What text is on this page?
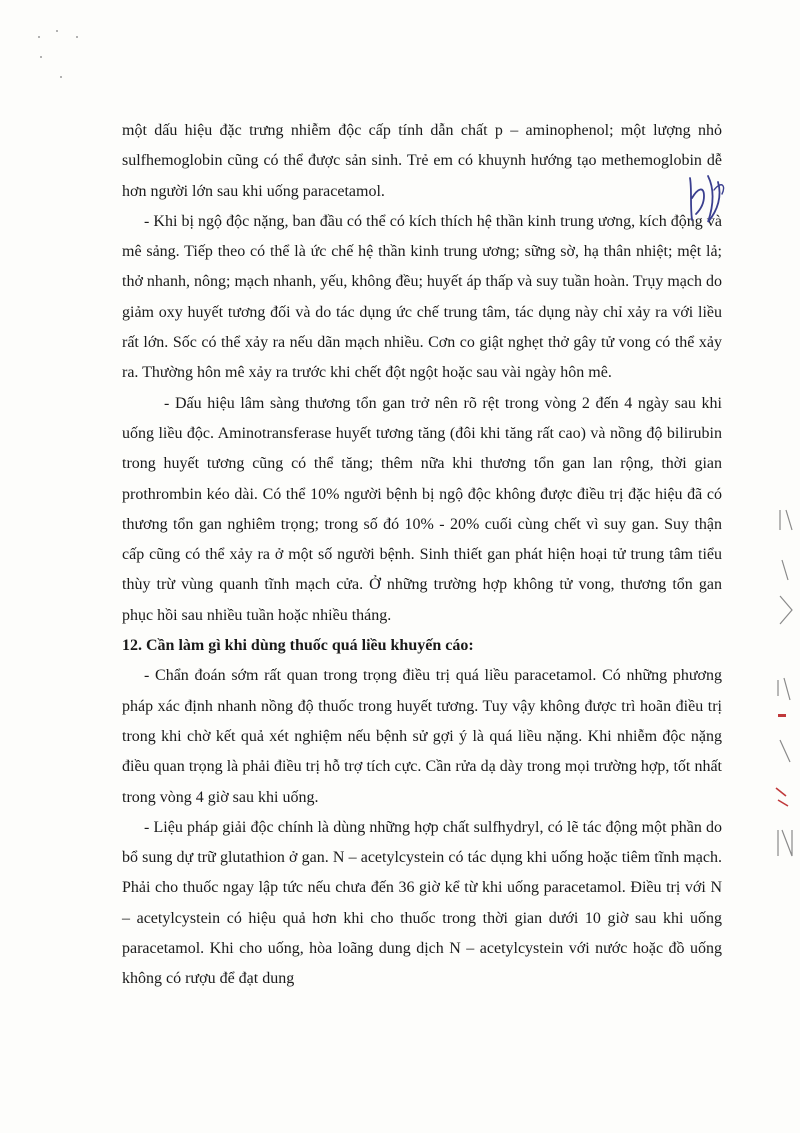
một dấu hiệu đặc trưng nhiễm độc cấp tính dẫn chất p – aminophenol; một lượng nhỏ sulfhemoglobin cũng có thể được sản sinh. Trẻ em có khuynh hướng tạo methemoglobin dễ hơn người lớn sau khi uống paracetamol.

- Khi bị ngộ độc nặng, ban đầu có thể có kích thích hệ thần kinh trung ương, kích động và mê sảng. Tiếp theo có thể là ức chế hệ thần kinh trung ương; sững sờ, hạ thân nhiệt; mệt lả; thở nhanh, nông; mạch nhanh, yếu, không đều; huyết áp thấp và suy tuần hoàn. Trụy mạch do giảm oxy huyết tương đối và do tác dụng ức chế trung tâm, tác dụng này chỉ xảy ra với liều rất lớn. Sốc có thể xảy ra nếu dãn mạch nhiều. Cơn co giật nghẹt thở gây tử vong có thể xảy ra. Thường hôn mê xảy ra trước khi chết đột ngột hoặc sau vài ngày hôn mê.

- Dấu hiệu lâm sàng thương tổn gan trở nên rõ rệt trong vòng 2 đến 4 ngày sau khi uống liều độc. Aminotransferase huyết tương tăng (đôi khi tăng rất cao) và nồng độ bilirubin trong huyết tương cũng có thể tăng; thêm nữa khi thương tổn gan lan rộng, thời gian prothrombin kéo dài. Có thể 10% người bệnh bị ngộ độc không được điều trị đặc hiệu đã có thương tổn gan nghiêm trọng; trong số đó 10% - 20% cuối cùng chết vì suy gan. Suy thận cấp cũng có thể xảy ra ở một số người bệnh. Sinh thiết gan phát hiện hoại tử trung tâm tiểu thùy trừ vùng quanh tĩnh mạch cửa. Ở những trường hợp không tử vong, thương tổn gan phục hồi sau nhiều tuần hoặc nhiều tháng.

12. Cần làm gì khi dùng thuốc quá liều khuyến cáo:

- Chẩn đoán sớm rất quan trong trọng điều trị quá liều paracetamol. Có những phương pháp xác định nhanh nồng độ thuốc trong huyết tương. Tuy vậy không được trì hoãn điều trị trong khi chờ kết quả xét nghiệm nếu bệnh sử gợi ý là quá liều nặng. Khi nhiễm độc nặng điều quan trọng là phải điều trị hỗ trợ tích cực. Cần rửa dạ dày trong mọi trường hợp, tốt nhất trong vòng 4 giờ sau khi uống.

- Liệu pháp giải độc chính là dùng những hợp chất sulfhydryl, có lẽ tác động một phần do bổ sung dự trữ glutathion ở gan. N – acetylcystein có tác dụng khi uống hoặc tiêm tĩnh mạch. Phải cho thuốc ngay lập tức nếu chưa đến 36 giờ kể từ khi uống paracetamol. Điều trị với N – acetylcystein có hiệu quả hơn khi cho thuốc trong thời gian dưới 10 giờ sau khi uống paracetamol. Khi cho uống, hòa loãng dung dịch N – acetylcystein với nước hoặc đồ uống không có rượu để đạt dung
